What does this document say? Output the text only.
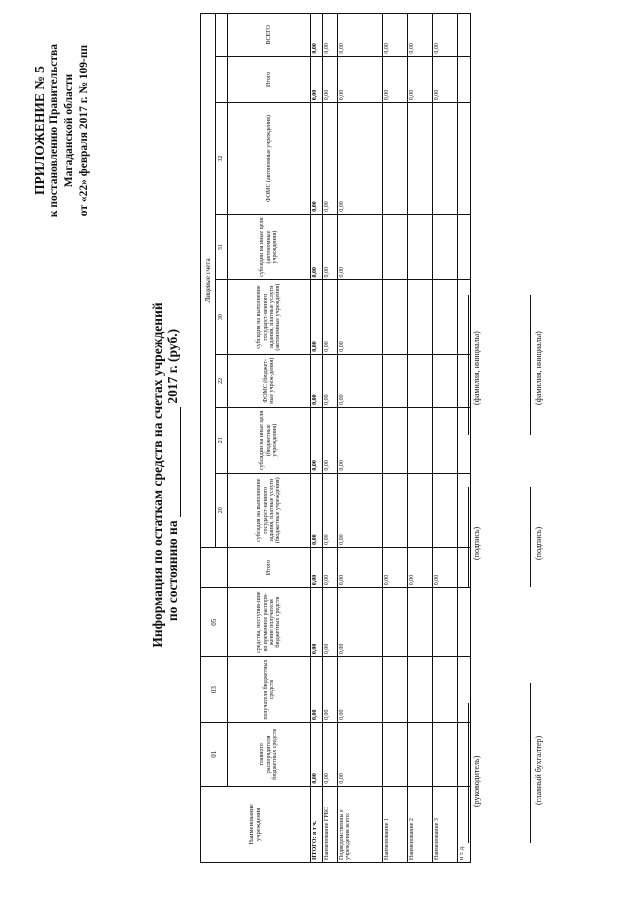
ПРИЛОЖЕНИЕ № 5 к постановлению Правительства Магаданской области от «22» февраля 2017 г. № 109-пп
Информация по остаткам средств на счетах учреждений по состоянию на   2017 г. (руб.)
Наименование учреждения	01	03	05		Лицевые счета							
					20	21	22	30	31	32		
	главного распорядителя бюджетных средств	получателя бюджетных средств	средства, поступив-шие во временное распоря-жение получателя бюджетных средств	Итого	субсидия на выполнение государст-венного задания, платные услуги (бюджетные учреждения)	субсидии на иные цели (бюджетные учреждения)	ФОМС (бюджет-ные учреж-дения)	субсидия на выполнение государст-венного задания, платные услуги (автономные учреждения)	субсидии на иные цели (автономные учреждения)	ФОМС (автономные учреждения)	Итого	ВСЕГО
ИТОГО: в т ч.	0,00	0,00	0,00	0,00	0,00	0,00	0,00	0,00	0,00	0,00	0,00	0,00
Наименование ГРБС	0,00	0,00	0,00	0,00	0,00	0,00	0,00	0,00	0,00	0,00	0,00	0,00
Подведомственны е учреждения всего:	0,00	0,00	0,00	0,00	0,00	0,00	0,00	0,00	0,00	0,00	0,00	0,00
Наименование 1				0,00							0,00	0,00
Наименование 2				0,00							0,00	0,00
Наименование 3				0,00							0,00	0,00
и т. д.												
(руководитель)
(подпись)
(фамилия, инициалы)
(главный бухгалтер)
(подпись)
(фамилия, инициалы)
